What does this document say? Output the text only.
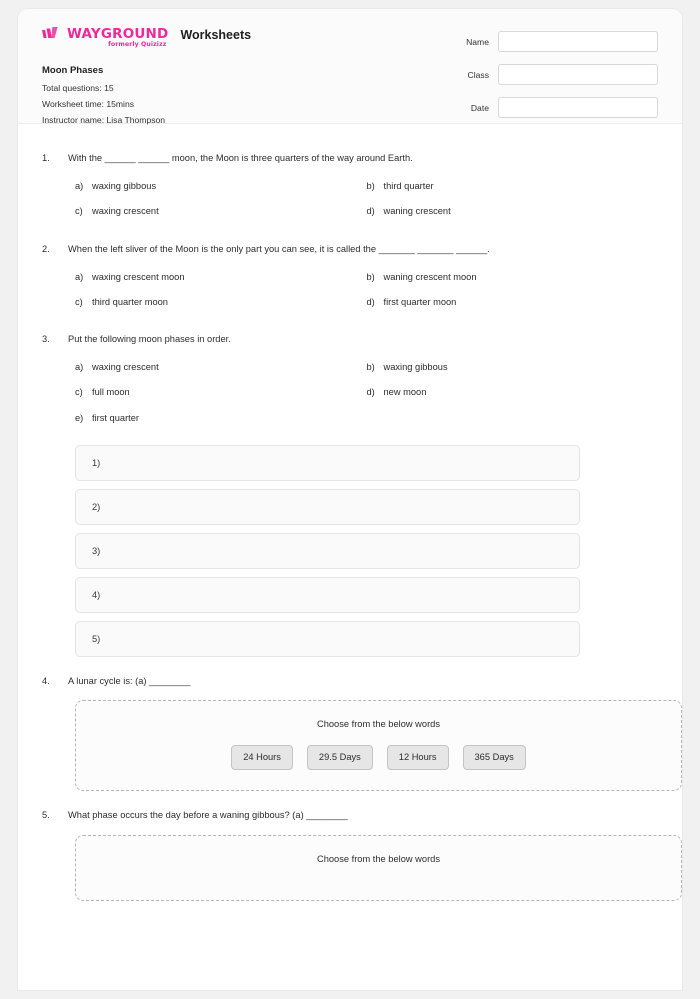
WAYGROUND
formerly Quizizz
Worksheets
Moon Phases
Total questions: 15
Worksheet time: 15mins
Instructor name: Lisa Thompson
Name
Class
Date
1.	With the ______ ______ moon, the Moon is three quarters of the way around Earth.
a) waxing gibbous	b) third quarter
c) waxing crescent	d) waning crescent
2.	When the left sliver of the Moon is the only part you can see, it is called the _______ _______ ______.
a) waxing crescent moon	b) waning crescent moon
c) third quarter moon	d) first quarter moon
3.	Put the following moon phases in order.
a) waxing crescent	b) waxing gibbous
c) full moon	d) new moon
e) first quarter
1)
2)
3)
4)
5)
4.	A lunar cycle is: (a) ________
Choose from the below words
24 Hours	29.5 Days	12 Hours	365 Days
5.	What phase occurs the day before a waning gibbous? (a) ________
Choose from the below words
